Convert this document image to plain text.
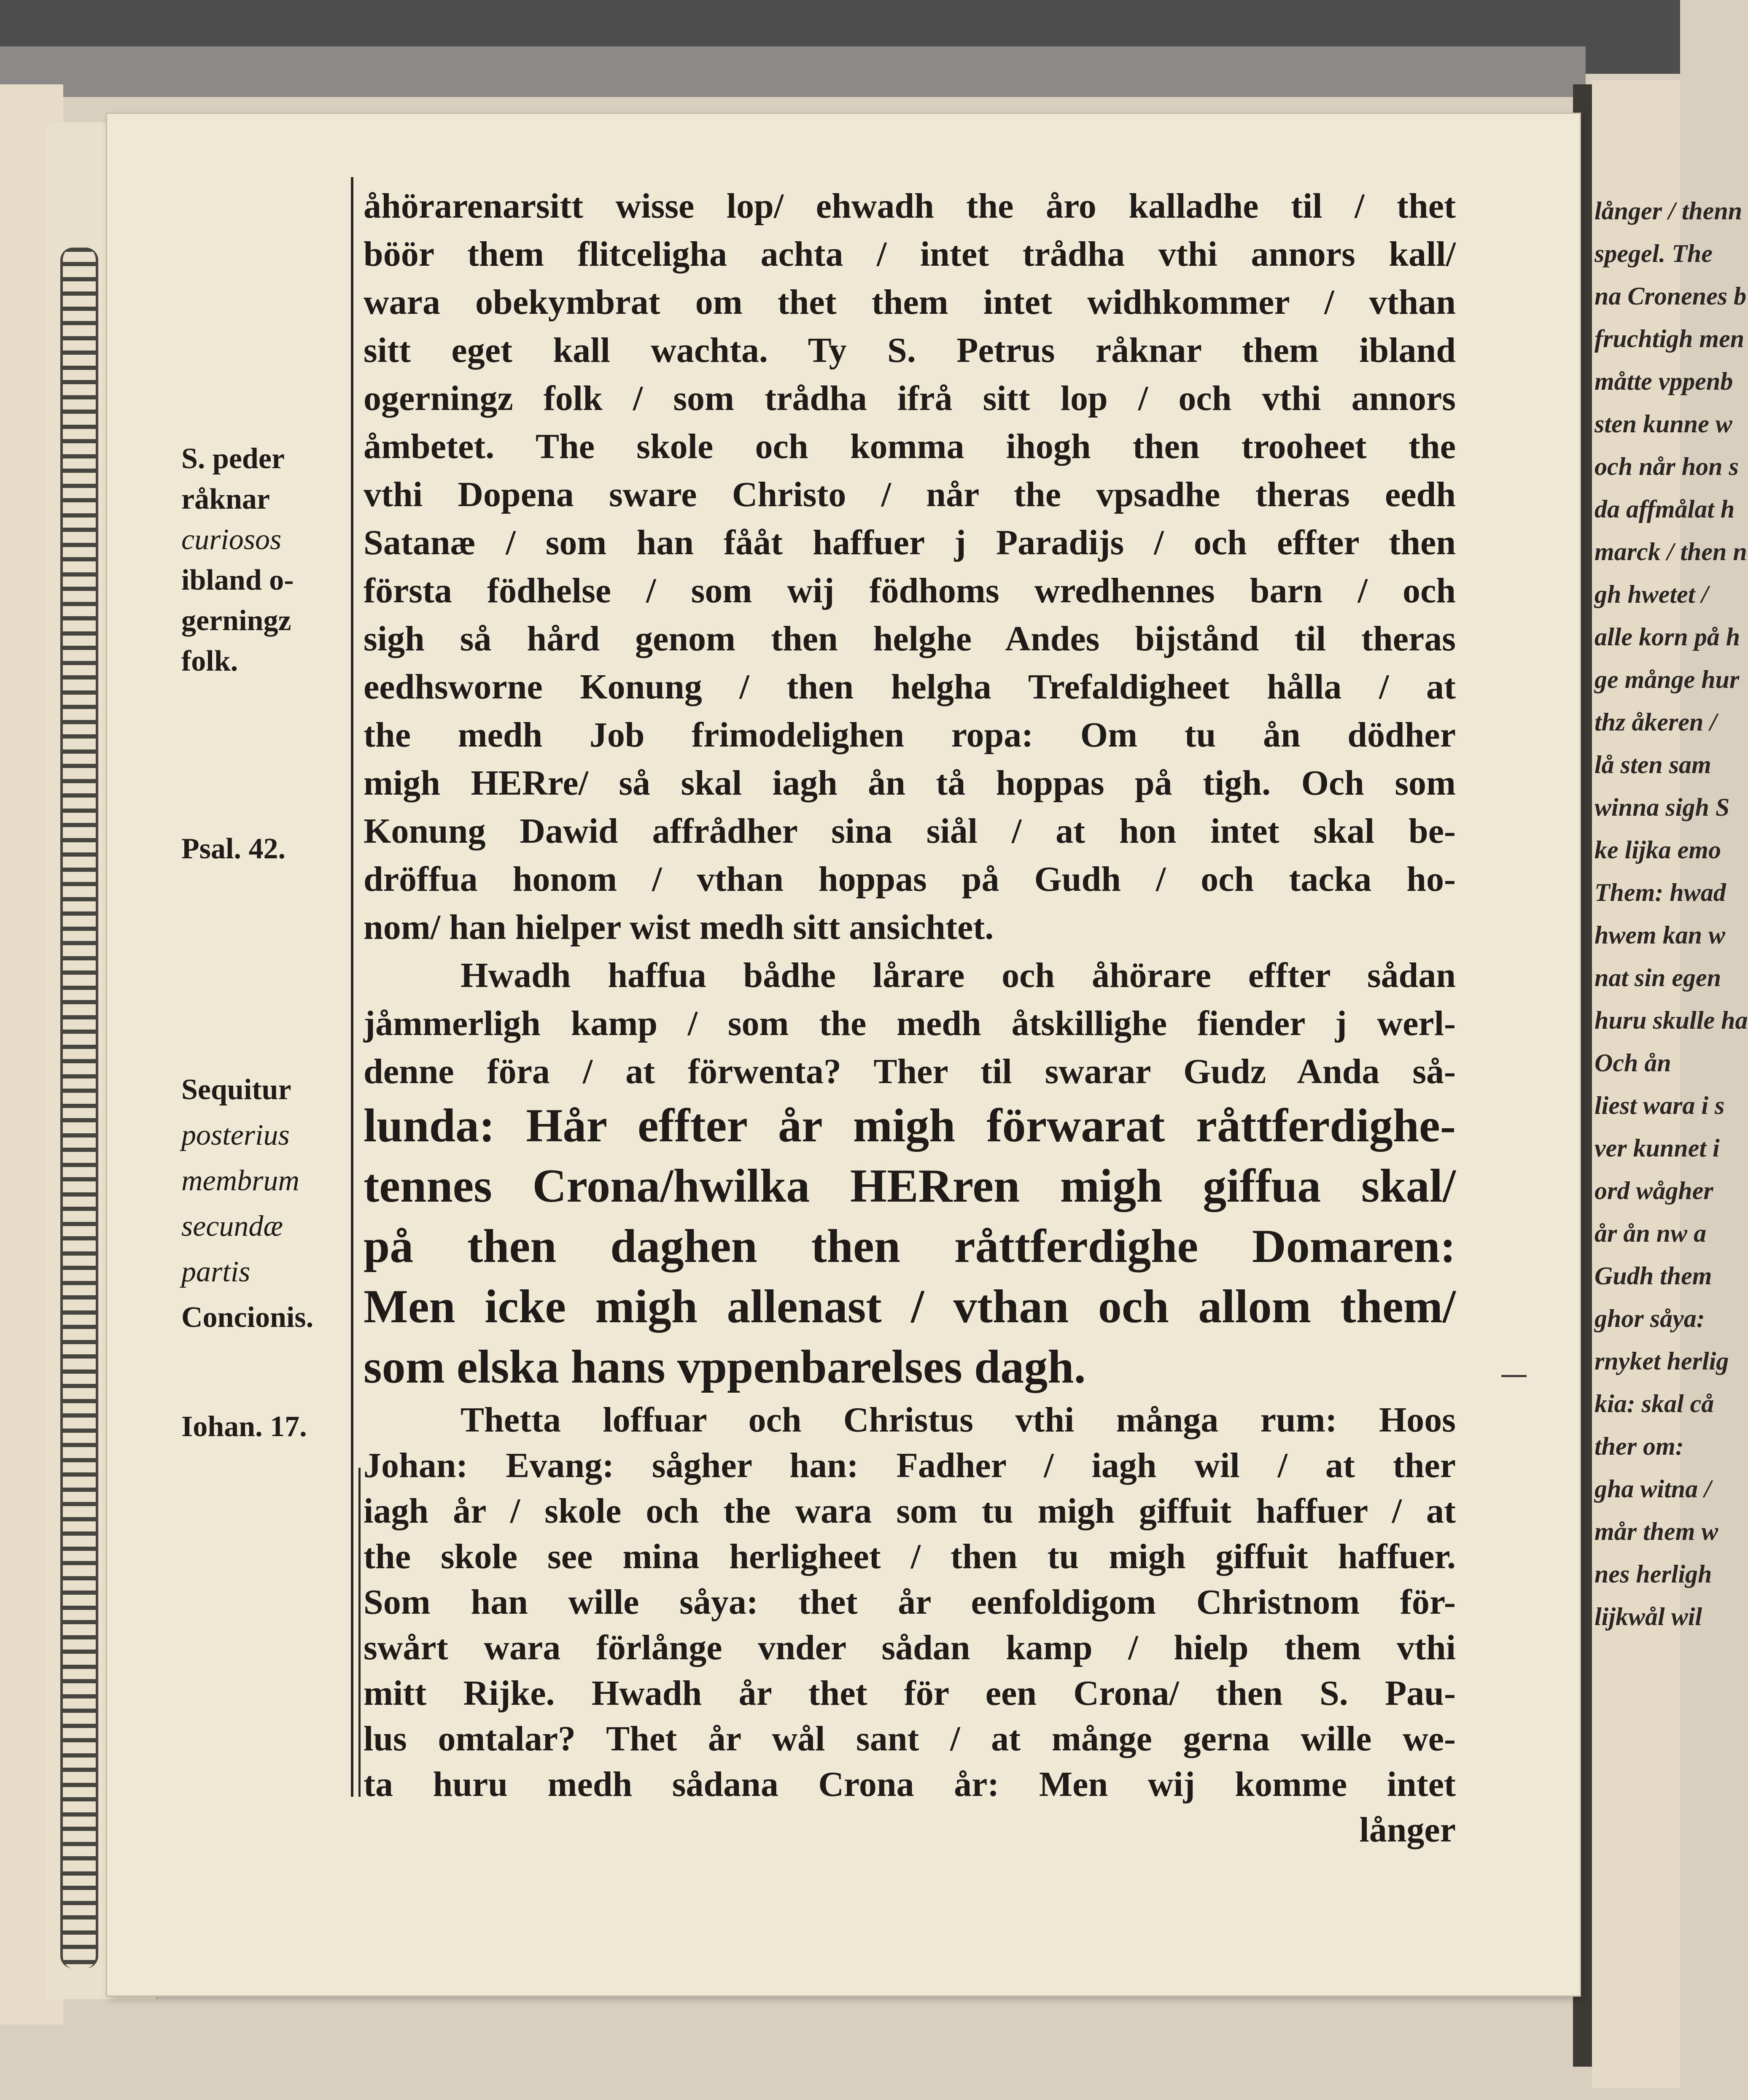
långer / thenn
spegel. The
na Cronenes b
fruchtigh men
måtte vppenb
sten kunne w
och når hon s
da affmålat h
marck / then n
gh hwetet /
alle korn på h
ge månge hur
thz åkeren /
lå sten sam
winna sigh S
ke lijka emo
Them: hwad
hwem kan w
nat sin egen
huru skulle ha
Och ån
liest wara i s
ver kunnet i
ord wågher
år ån nw a
Gudh them
ghor såya:
rnyket herlig
kia: skal cå
ther om:
gha witna /
mår them w
nes herligh
lijkwål wil
S. peder
råknar
curiosos
ibland o-
gerningz
folk.
Psal. 42.
Sequitur
posterius
membrum
secundæ
partis
Concionis.
Iohan. 17.
åhörarenarsitt wisse lop/ ehwadh the åro kalladhe til / thet
böör them flitceligha achta / intet trådha vthi annors kall/
wara obekymbrat om thet them intet widhkommer / vthan
sitt eget kall wachta. Ty S. Petrus råknar them ibland
ogerningz folk / som trådha ifrå sitt lop / och vthi annors
åmbetet. The skole och komma ihogh then trooheet the
vthi Dopena sware Christo / når the vpsadhe theras eedh
Satanæ / som han fååt haffuer j Paradijs / och effter then
första födhelse / som wij födhoms wredhennes barn / och
sigh så hård genom then helghe Andes bijstånd til theras
eedhsworne Konung / then helgha Trefaldigheet hålla / at
the medh Job frimodelighen ropa: Om tu ån dödher
migh HERre/ så skal iagh ån tå hoppas på tigh. Och som
Konung Dawid affrådher sina siål / at hon intet skal be-
dröffua honom / vthan hoppas på Gudh / och tacka ho-
nom/ han hielper wist medh sitt ansichtet.
Hwadh haffua bådhe lårare och åhörare effter sådan
jåmmerligh kamp / som the medh åtskillighe fiender j werl-
denne föra / at förwenta? Ther til swarar Gudz Anda så-
lunda: Hår effter år migh förwarat råttferdighe-
tennes Crona/hwilka HERren migh giffua skal/
på then daghen then råttferdighe Domaren:
Men icke migh allenast / vthan och allom them/
som elska hans vppenbarelses dagh.
Thetta loffuar och Christus vthi många rum: Hoos
Johan: Evang: sågher han: Fadher / iagh wil / at ther
iagh år / skole och the wara som tu migh giffuit haffuer / at
the skole see mina herligheet / then tu migh giffuit haffuer.
Som han wille såya: thet år eenfoldigom Christnom för-
swårt wara förlånge vnder sådan kamp / hielp them vthi
mitt Rijke. Hwadh år thet för een Crona/ then S. Pau-
lus omtalar? Thet år wål sant / at månge gerna wille we-
ta huru medh sådana Crona år: Men wij komme intet
långer
